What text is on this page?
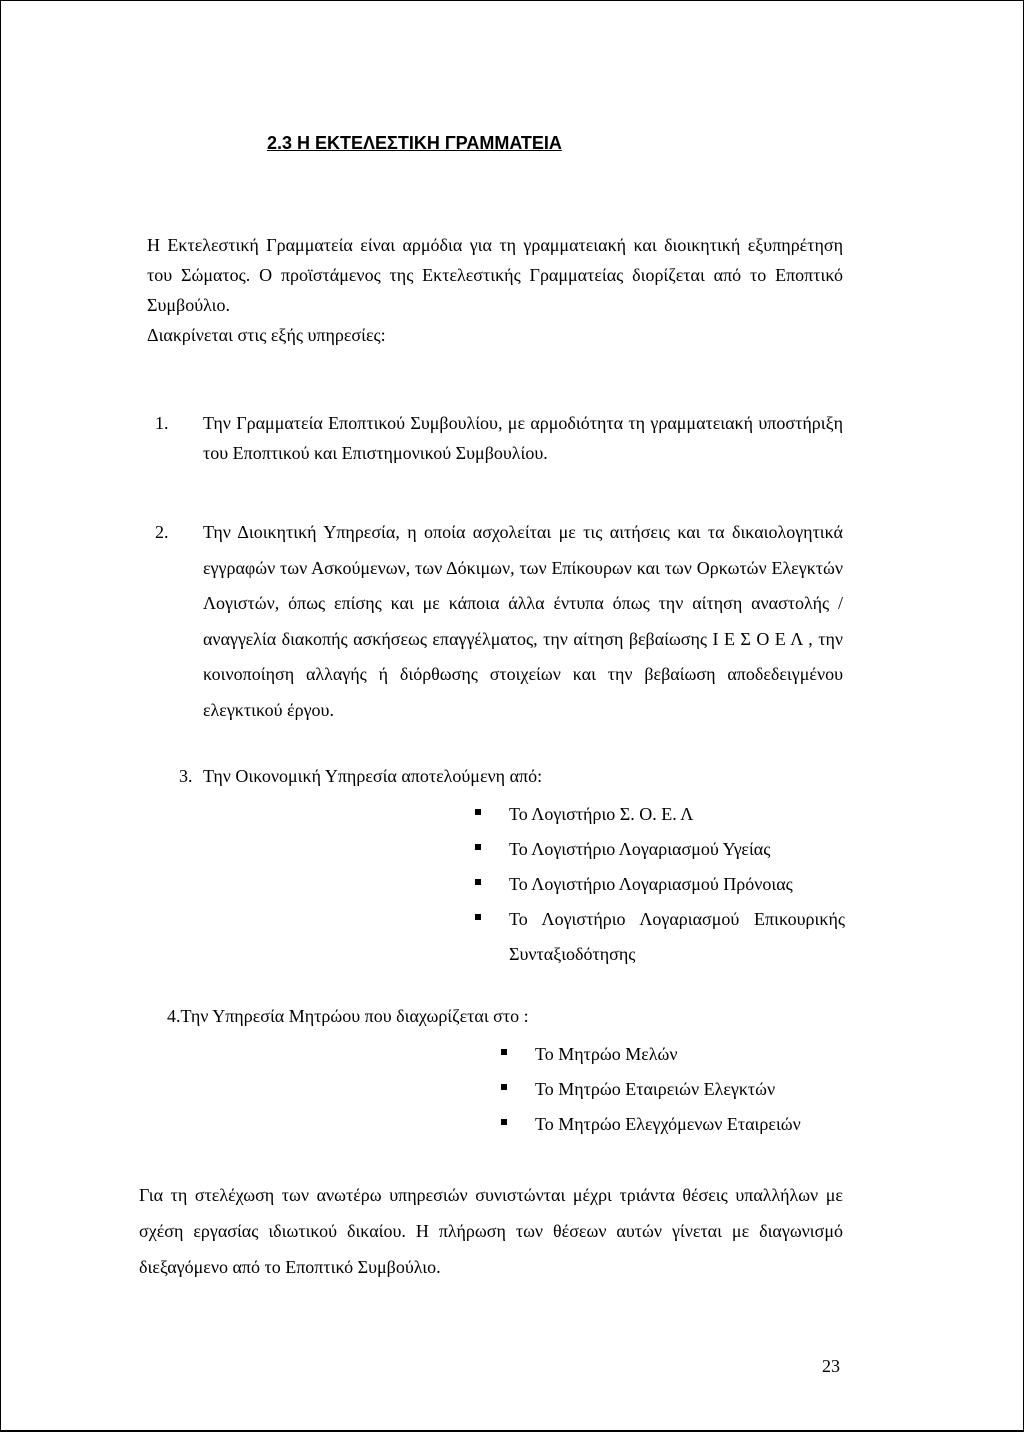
2.3 Η ΕΚΤΕΛΕΣΤΙΚΗ ΓΡΑΜΜΑΤΕΙΑ
Η Εκτελεστική Γραμματεία είναι αρμόδια για τη γραμματειακή και διοικητική εξυπηρέτηση του Σώματος. Ο προϊστάμενος της Εκτελεστικής Γραμματείας διορίζεται από το Εποπτικό Συμβούλιο.
Διακρίνεται στις εξής υπηρεσίες:
1. Την Γραμματεία Εποπτικού Συμβουλίου, με αρμοδιότητα τη γραμματειακή υποστήριξη του Εποπτικού και Επιστημονικού Συμβουλίου.
2. Την Διοικητική Υπηρεσία, η οποία ασχολείται με τις αιτήσεις και τα δικαιολογητικά εγγραφών των Ασκούμενων, των Δόκιμων, των Επίκουρων και των Ορκωτών Ελεγκτών Λογιστών, όπως επίσης και με κάποια άλλα έντυπα όπως την αίτηση αναστολής /αναγγελία διακοπής ασκήσεως επαγγέλματος, την αίτηση βεβαίωσης Ι Ε Σ Ο Ε Λ , την κοινοποίηση αλλαγής ή διόρθωσης στοιχείων και την βεβαίωση αποδεδειγμένου ελεγκτικού έργου.
3. Την Οικονομική Υπηρεσία αποτελούμενη από:
Το Λογιστήριο Σ. Ο. Ε. Λ
Το Λογιστήριο Λογαριασμού Υγείας
Το Λογιστήριο Λογαριασμού Πρόνοιας
Το Λογιστήριο Λογαριασμού Επικουρικής Συνταξιοδότησης
4.Την Υπηρεσία Μητρώου που διαχωρίζεται στο :
Το Μητρώο Μελών
Το Μητρώο Εταιρειών Ελεγκτών
Το Μητρώο Ελεγχόμενων Εταιρειών
Για τη στελέχωση των ανωτέρω υπηρεσιών συνιστώνται μέχρι τριάντα θέσεις υπαλλήλων με σχέση εργασίας ιδιωτικού δικαίου. Η πλήρωση των θέσεων αυτών γίνεται με διαγωνισμό διεξαγόμενο από το Εποπτικό Συμβούλιο.
23
